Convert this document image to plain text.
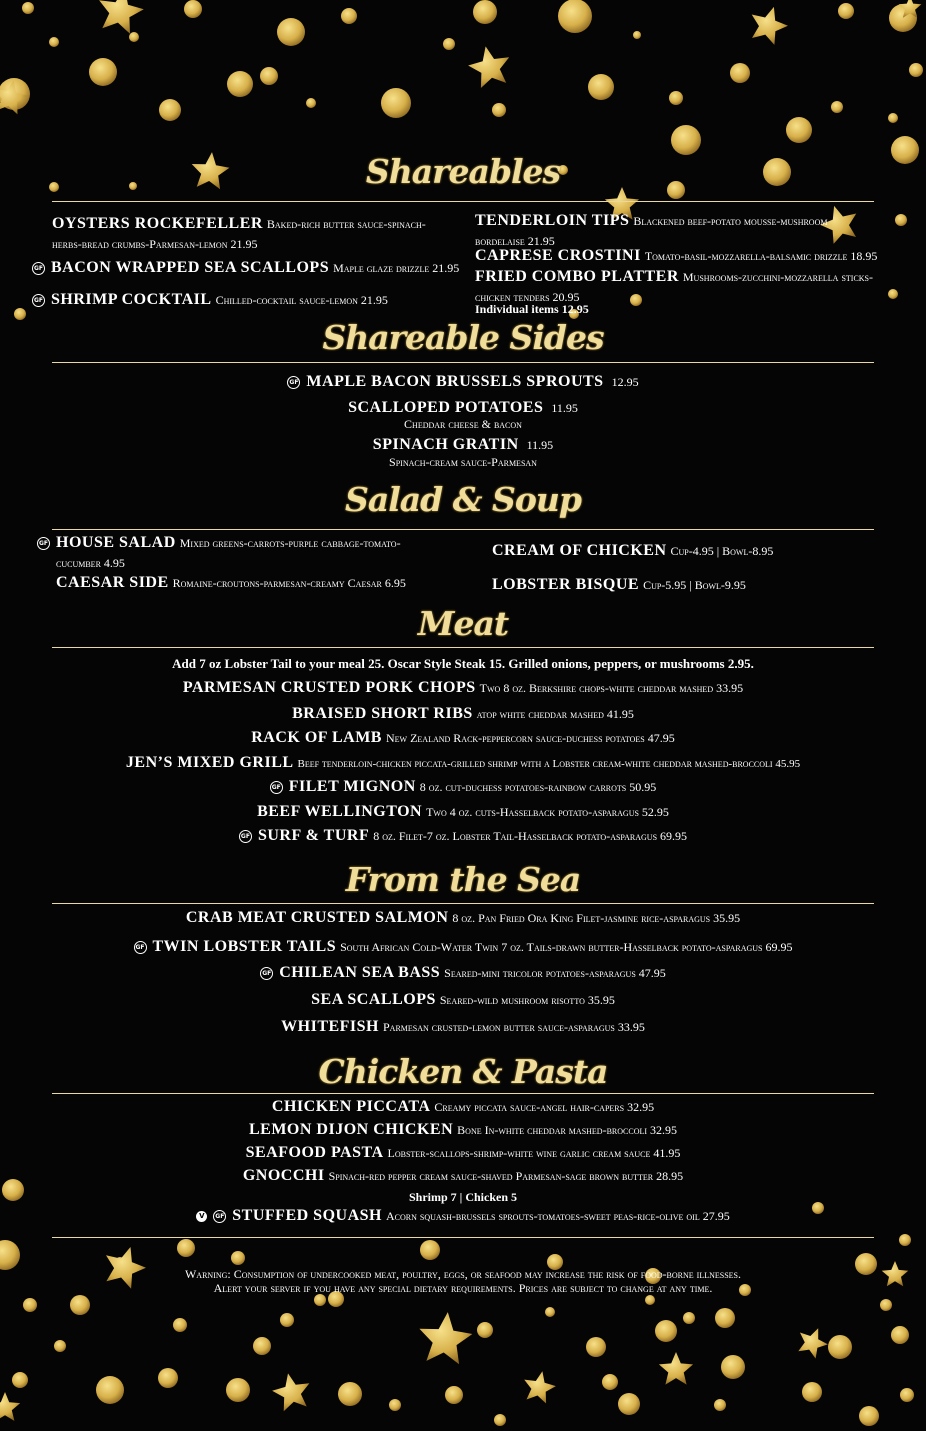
Shareables
OYSTERS ROCKEFELLER Baked-rich butter sauce-spinach-
herbs-bread crumbs-Parmesan-lemon 21.95
GF BACON WRAPPED SEA SCALLOPS Maple glaze drizzle 21.95
GF SHRIMP COCKTAIL Chilled-cocktail sauce-lemon 21.95
TENDERLOIN TIPS Blackened beef-potato mousse-mushroom
bordelaise 21.95
CAPRESE CROSTINI Tomato-basil-mozzarella-balsamic drizzle 18.95
FRIED COMBO PLATTER Mushrooms-zucchini-mozzarella sticks-
chicken tenders 20.95
Individual items 12.95
Shareable Sides
GF MAPLE BACON BRUSSELS SPROUTS 12.95
SCALLOPED POTATOES 11.95
Cheddar cheese & bacon
SPINACH GRATIN 11.95
Spinach-cream sauce-Parmesan
Salad & Soup
GF HOUSE SALAD Mixed greens-carrots-purple cabbage-tomato-
cucumber 4.95
CAESAR SIDE Romaine-croutons-parmesan-creamy Caesar 6.95
CREAM OF CHICKEN Cup-4.95 | Bowl-8.95
LOBSTER BISQUE Cup-5.95 | Bowl-9.95
Meat
Add 7 oz Lobster Tail to your meal 25. Oscar Style Steak 15. Grilled onions, peppers, or mushrooms 2.95.
PARMESAN CRUSTED PORK CHOPS Two 8 oz. Berkshire chops-white cheddar mashed 33.95
BRAISED SHORT RIBS atop white cheddar mashed 41.95
RACK OF LAMB New Zealand Rack-peppercorn sauce-duchess potatoes 47.95
JEN’S MIXED GRILL Beef tenderloin-chicken piccata-grilled shrimp with a Lobster cream-white cheddar mashed-broccoli 45.95
GF FILET MIGNON 8 oz. cut-duchess potatoes-rainbow carrots 50.95
BEEF WELLINGTON Two 4 oz. cuts-Hasselback potato-asparagus 52.95
GF SURF & TURF 8 oz. Filet-7 oz. Lobster Tail-Hasselback potato-asparagus 69.95
From the Sea
CRAB MEAT CRUSTED SALMON 8 oz. Pan Fried Ora King Filet-jasmine rice-asparagus 35.95
GF TWIN LOBSTER TAILS South African Cold-Water Twin 7 oz. Tails-drawn butter-Hasselback potato-asparagus 69.95
GF CHILEAN SEA BASS Seared-mini tricolor potatoes-asparagus 47.95
SEA SCALLOPS Seared-wild mushroom risotto 35.95
WHITEFISH Parmesan crusted-lemon butter sauce-asparagus 33.95
Chicken & Pasta
CHICKEN PICCATA Creamy piccata sauce-angel hair-capers 32.95
LEMON DIJON CHICKEN Bone In-white cheddar mashed-broccoli 32.95
SEAFOOD PASTA Lobster-scallops-shrimp-white wine garlic cream sauce 41.95
GNOCCHI Spinach-red pepper cream sauce-shaved Parmesan-sage brown butter 28.95
Shrimp 7 | Chicken 5
V GF STUFFED SQUASH Acorn squash-brussels sprouts-tomatoes-sweet peas-rice-olive oil 27.95
Warning: Consumption of undercooked meat, poultry, eggs, or seafood may increase the risk of food-borne illnesses.
Alert your server if you have any special dietary requirements. Prices are subject to change at any time.
